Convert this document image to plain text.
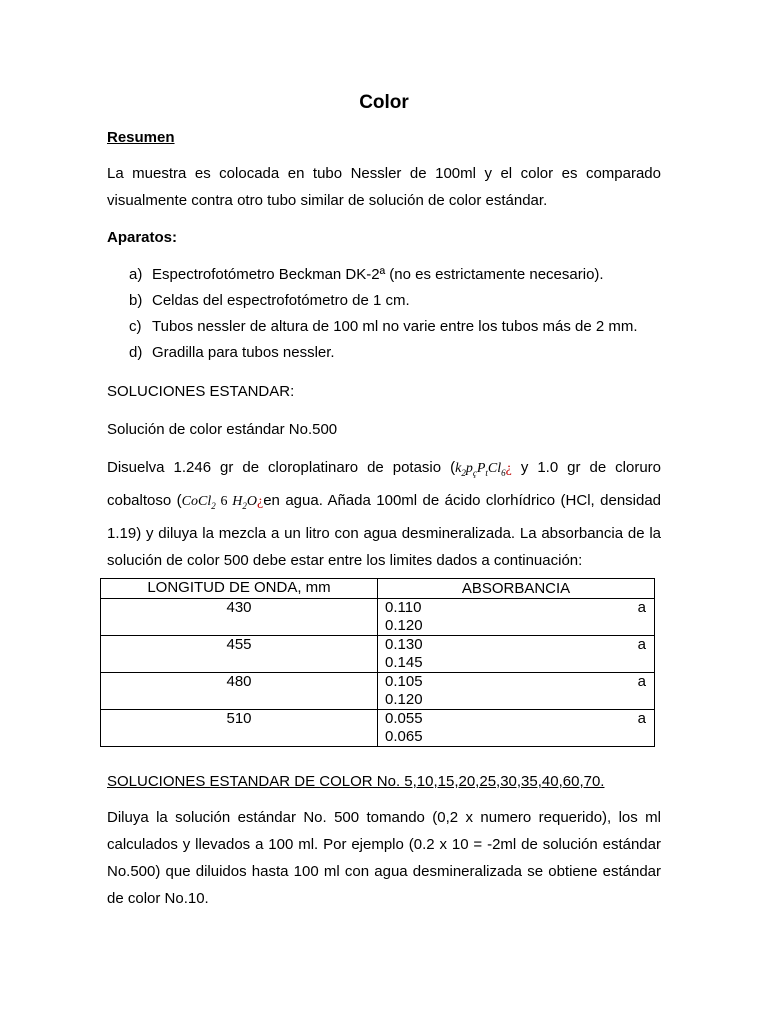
Color
Resumen
La muestra es colocada en tubo Nessler de 100ml y el color es comparado visualmente contra otro tubo similar de solución de color estándar.
Aparatos:
a) Espectrofotómetro Beckman DK-2ª (no es estrictamente necesario).
b) Celdas del espectrofotómetro de 1 cm.
c) Tubos nessler de altura de 100 ml no varie entre los tubos más de 2 mm.
d) Gradilla para tubos nessler.
SOLUCIONES ESTANDAR:
Solución de color estándar No.500
Disuelva 1.246 gr de cloroplatinaro de potasio ($k_2p_çP_tCl_6¿$ y 1.0 gr de cloruro cobaltoso (CoCl$_2$ 6 $H_2O¿en$ agua. Añada 100ml de ácido clorhídrico (HCl, densidad 1.19) y diluya la mezcla a un litro con agua desmineralizada. La absorbancia de la solución de color 500 debe estar entre los limites dados a continuación:
LONGITUD DE ONDA, mm	ABSORBANCIA
430	0.110 a
0.120

455	0.130 a
0.145

480	0.105 a
0.120

510	0.055 a
0.065
SOLUCIONES ESTANDAR DE COLOR No. 5,10,15,20,25,30,35,40,60,70.
Diluya la solución estándar No. 500 tomando (0,2 x numero requerido), los ml calculados y llevados a 100 ml. Por ejemplo (0.2 x 10 = -2ml de solución estándar No.500) que diluidos hasta 100 ml con agua desmineralizada se obtiene estándar de color No.10.
